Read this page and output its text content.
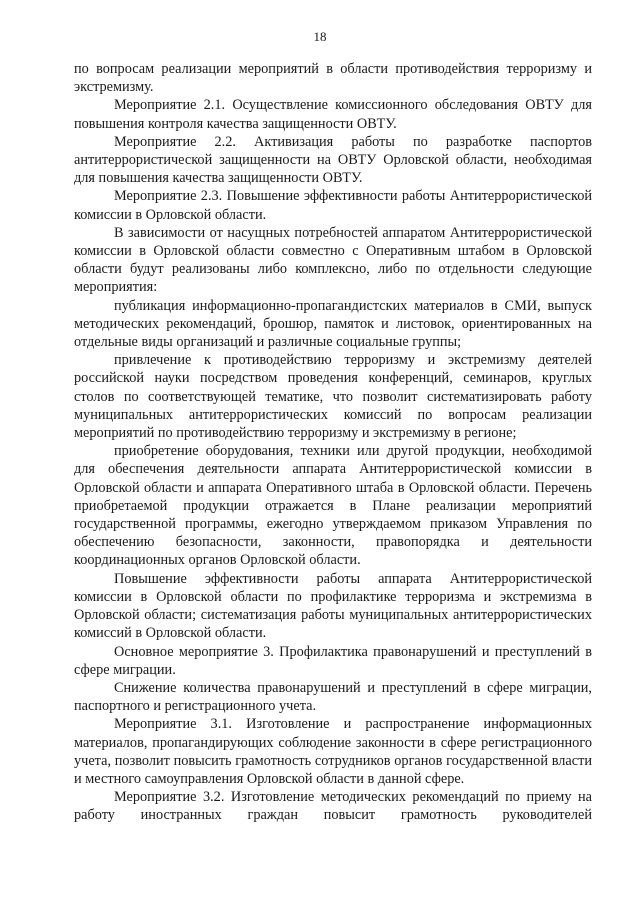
18

по вопросам реализации мероприятий в области противодействия терроризму и экстремизму.

Мероприятие 2.1. Осуществление комиссионного обследования ОВТУ для повышения контроля качества защищенности ОВТУ.

Мероприятие 2.2. Активизация работы по разработке паспортов антитеррористической защищенности на ОВТУ Орловской области, необходимая для повышения качества защищенности ОВТУ.

Мероприятие 2.3. Повышение эффективности работы Антитеррористической комиссии в Орловской области.

В зависимости от насущных потребностей аппаратом Антитеррористической комиссии в Орловской области совместно с Оперативным штабом в Орловской области будут реализованы либо комплексно, либо по отдельности следующие мероприятия:

публикация информационно-пропагандистских материалов в СМИ, выпуск методических рекомендаций, брошюр, памяток и листовок, ориентированных на отдельные виды организаций и различные социальные группы;

привлечение к противодействию терроризму и экстремизму деятелей российской науки посредством проведения конференций, семинаров, круглых столов по соответствующей тематике, что позволит систематизировать работу муниципальных антитеррористических комиссий по вопросам реализации мероприятий по противодействию терроризму и экстремизму в регионе;

приобретение оборудования, техники или другой продукции, необходимой для обеспечения деятельности аппарата Антитеррористической комиссии в Орловской области и аппарата Оперативного штаба в Орловской области. Перечень приобретаемой продукции отражается в Плане реализации мероприятий государственной программы, ежегодно утверждаемом приказом Управления по обеспечению безопасности, законности, правопорядка и деятельности координационных органов Орловской области.

Повышение эффективности работы аппарата Антитеррористической комиссии в Орловской области по профилактике терроризма и экстремизма в Орловской области; систематизация работы муниципальных антитеррористических комиссий в Орловской области.

Основное мероприятие 3. Профилактика правонарушений и преступлений в сфере миграции.

Снижение количества правонарушений и преступлений в сфере миграции, паспортного и регистрационного учета.

Мероприятие 3.1. Изготовление и распространение информационных материалов, пропагандирующих соблюдение законности в сфере регистрационного учета, позволит повысить грамотность сотрудников органов государственной власти и местного самоуправления Орловской области в данной сфере.

Мероприятие 3.2. Изготовление методических рекомендаций по приему на работу иностранных граждан повысит грамотность руководителей
